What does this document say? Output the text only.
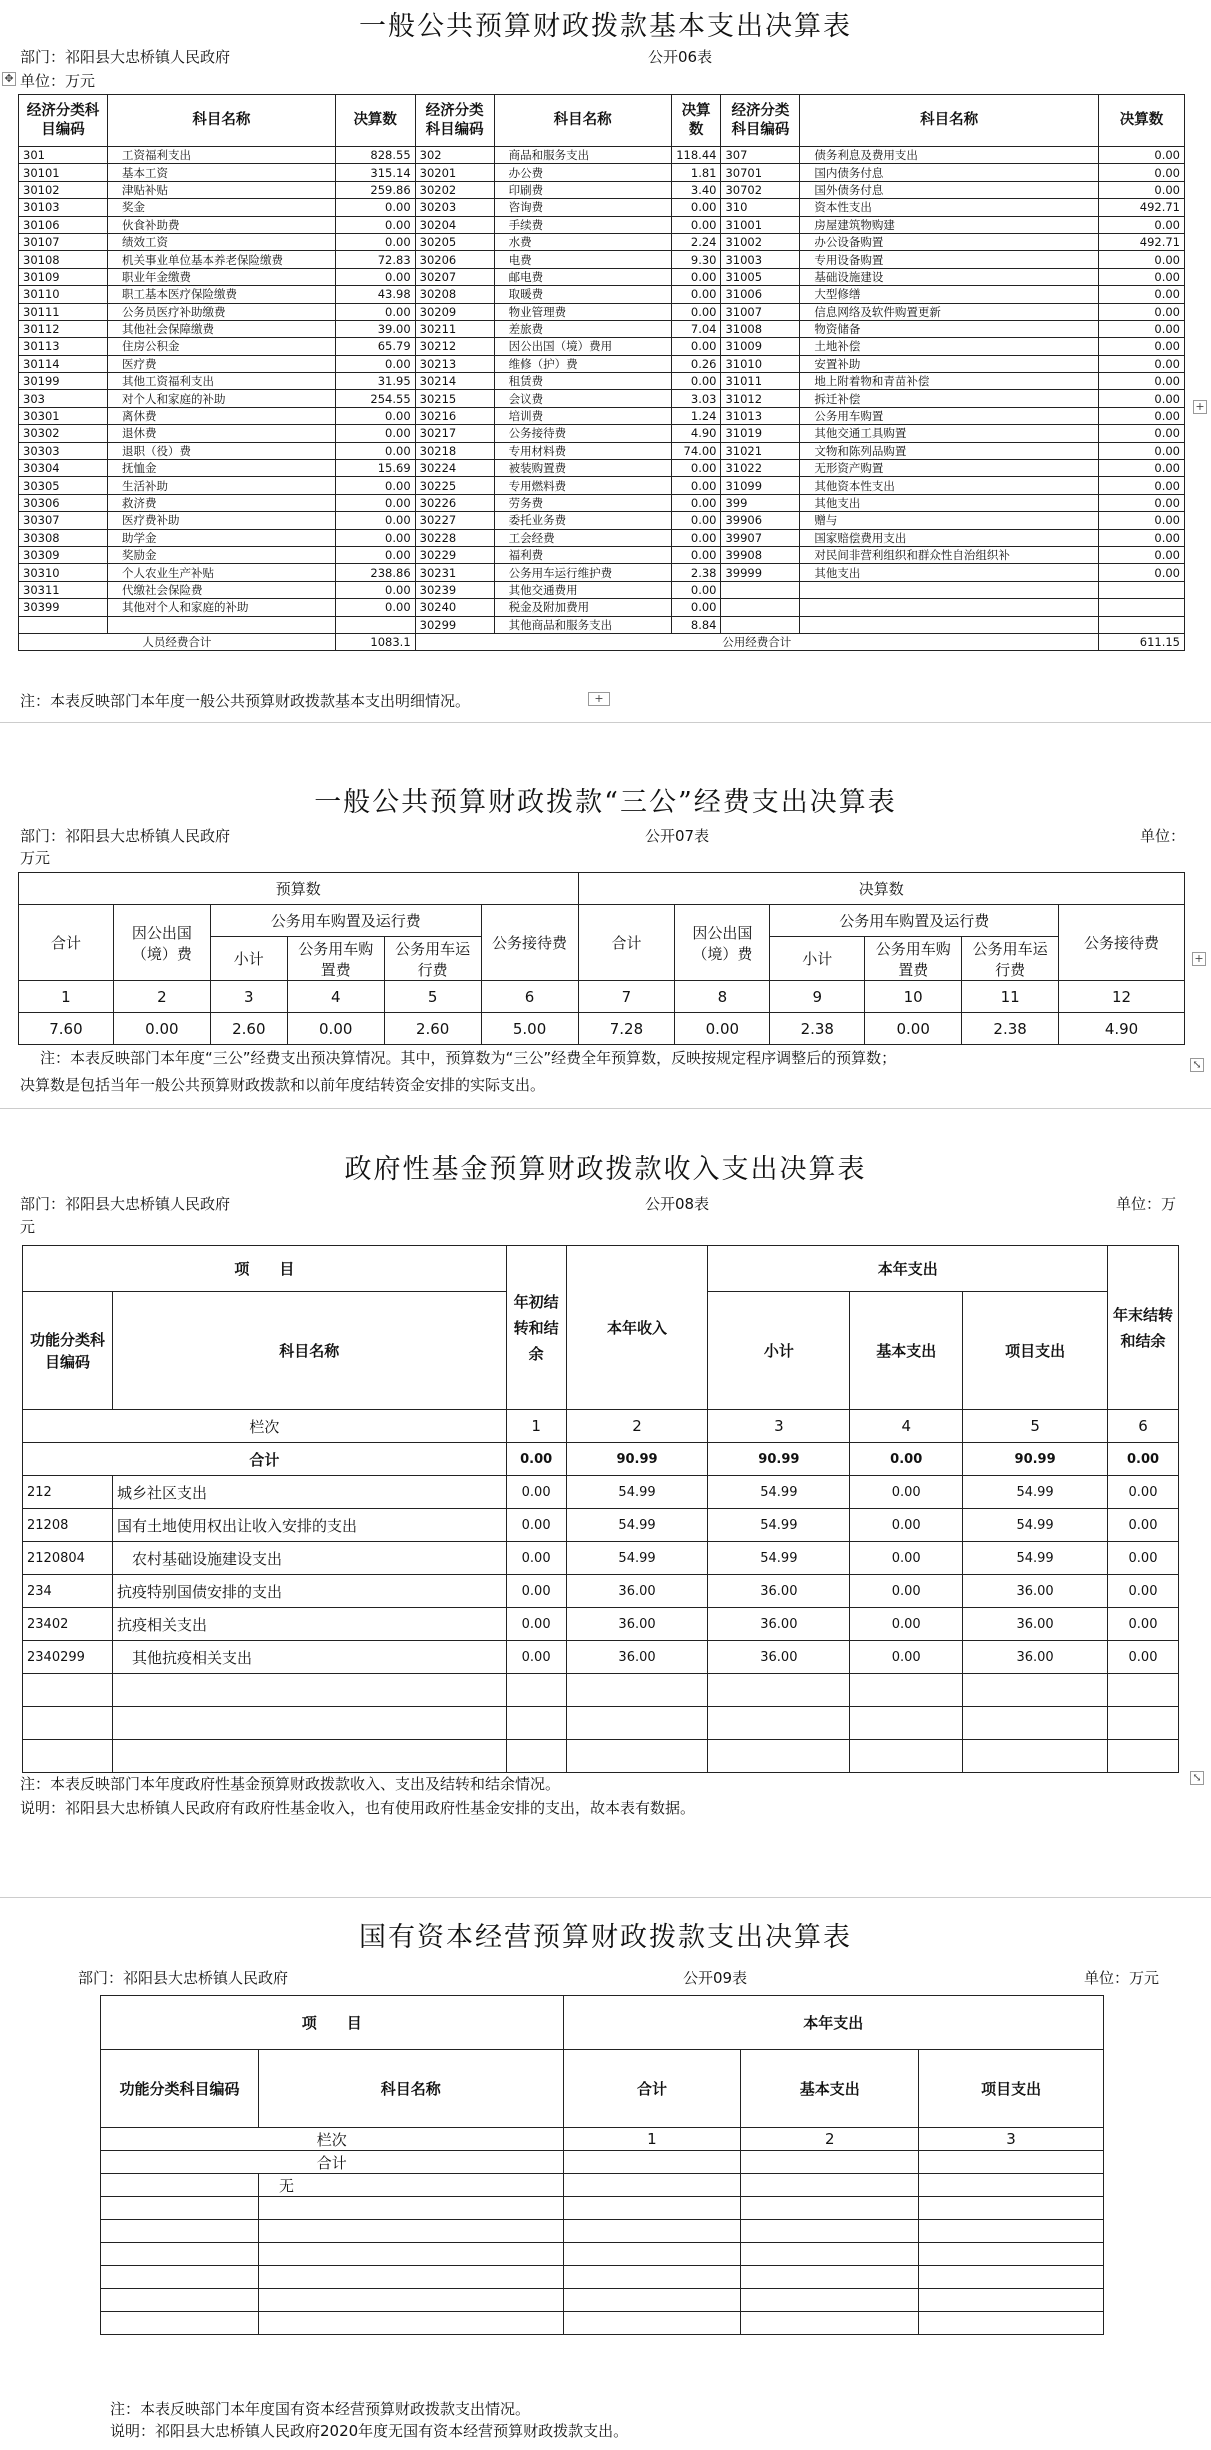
一般公共预算财政拨款基本支出决算表
部门：祁阳县大忠桥镇人民政府	公开06表
单位：万元
✥
经济分类科目编码	科目名称	决算数	经济分类科目编码	科目名称	决算数	经济分类科目编码	科目名称	决算数
301	工资福利支出	828.55	302	商品和服务支出	118.44	307	债务利息及费用支出	0.00
30101	基本工资	315.14	30201	办公费	1.81	30701	国内债务付息	0.00
30102	津贴补贴	259.86	30202	印刷费	3.40	30702	国外债务付息	0.00
30103	奖金	0.00	30203	咨询费	0.00	310	资本性支出	492.71
30106	伙食补助费	0.00	30204	手续费	0.00	31001	房屋建筑物购建	0.00
30107	绩效工资	0.00	30205	水费	2.24	31002	办公设备购置	492.71
30108	机关事业单位基本养老保险缴费	72.83	30206	电费	9.30	31003	专用设备购置	0.00
30109	职业年金缴费	0.00	30207	邮电费	0.00	31005	基础设施建设	0.00
30110	职工基本医疗保险缴费	43.98	30208	取暖费	0.00	31006	大型修缮	0.00
30111	公务员医疗补助缴费	0.00	30209	物业管理费	0.00	31007	信息网络及软件购置更新	0.00
30112	其他社会保障缴费	39.00	30211	差旅费	7.04	31008	物资储备	0.00
30113	住房公积金	65.79	30212	因公出国（境）费用	0.00	31009	土地补偿	0.00
30114	医疗费	0.00	30213	维修（护）费	0.26	31010	安置补助	0.00
30199	其他工资福利支出	31.95	30214	租赁费	0.00	31011	地上附着物和青苗补偿	0.00
303	对个人和家庭的补助	254.55	30215	会议费	3.03	31012	拆迁补偿	0.00
30301	离休费	0.00	30216	培训费	1.24	31013	公务用车购置	0.00
30302	退休费	0.00	30217	公务接待费	4.90	31019	其他交通工具购置	0.00
30303	退职（役）费	0.00	30218	专用材料费	74.00	31021	文物和陈列品购置	0.00
30304	抚恤金	15.69	30224	被装购置费	0.00	31022	无形资产购置	0.00
30305	生活补助	0.00	30225	专用燃料费	0.00	31099	其他资本性支出	0.00
30306	救济费	0.00	30226	劳务费	0.00	399	其他支出	0.00
30307	医疗费补助	0.00	30227	委托业务费	0.00	39906	赠与	0.00
30308	助学金	0.00	30228	工会经费	0.00	39907	国家赔偿费用支出	0.00
30309	奖励金	0.00	30229	福利费	0.00	39908	对民间非营利组织和群众性自治组织补	0.00
30310	个人农业生产补贴	238.86	30231	公务用车运行维护费	2.38	39999	其他支出	0.00
30311	代缴社会保险费	0.00	30239	其他交通费用	0.00			
30399	其他对个人和家庭的补助	0.00	30240	税金及附加费用	0.00			
			30299	其他商品和服务支出	8.84			
人员经费合计		1083.1	公用经费合计					611.15
注：本表反映部门本年度一般公共预算财政拨款基本支出明细情况。	+
+
一般公共预算财政拨款“三公”经费支出决算表
部门：祁阳县大忠桥镇人民政府	公开07表	单位：
万元
预算数						决算数					
合计	因公出国（境）费	公务用车购置及运行费			公务接待费	合计	因公出国（境）费	公务用车购置及运行费			公务接待费
		小计	公务用车购置费	公务用车运行费				小计	公务用车购置费	公务用车运行费	
1	2	3	4	5	6	7	8	9	10	11	12
7.60	0.00	2.60	0.00	2.60	5.00	7.28	0.00	2.38	0.00	2.38	4.90
+
⤡
注：本表反映部门本年度“三公”经费支出预决算情况。其中，预算数为“三公”经费全年预算数，反映按规定程序调整后的预算数；
决算数是包括当年一般公共预算财政拨款和以前年度结转资金安排的实际支出。
政府性基金预算财政拨款收入支出决算表
部门：祁阳县大忠桥镇人民政府	公开08表	单位：万
元
项　　目		年初结转和结余	本年收入	本年支出			年末结转和结余
功能分类科目编码	科目名称			小计	基本支出	项目支出	
栏次		1	2	3	4	5	6
合计		0.00	90.99	90.99	0.00	90.99	0.00
212	城乡社区支出	0.00	54.99	54.99	0.00	54.99	0.00
21208	国有土地使用权出让收入安排的支出	0.00	54.99	54.99	0.00	54.99	0.00
2120804	　农村基础设施建设支出	0.00	54.99	54.99	0.00	54.99	0.00
234	抗疫特别国债安排的支出	0.00	36.00	36.00	0.00	36.00	0.00
23402	抗疫相关支出	0.00	36.00	36.00	0.00	36.00	0.00
2340299	　其他抗疫相关支出	0.00	36.00	36.00	0.00	36.00	0.00

注：本表反映部门本年度政府性基金预算财政拨款收入、支出及结转和结余情况。
说明：祁阳县大忠桥镇人民政府有政府性基金收入，也有使用政府性基金安排的支出，故本表有数据。
⤡
国有资本经营预算财政拨款支出决算表
部门：祁阳县大忠桥镇人民政府	公开09表	单位：万元
项　　目		本年支出		
功能分类科目编码	科目名称	合计	基本支出	项目支出
栏次		1	2	3
合计				
	无			

注：本表反映部门本年度国有资本经营预算财政拨款支出情况。
说明：祁阳县大忠桥镇人民政府2020年度无国有资本经营预算财政拨款支出。
